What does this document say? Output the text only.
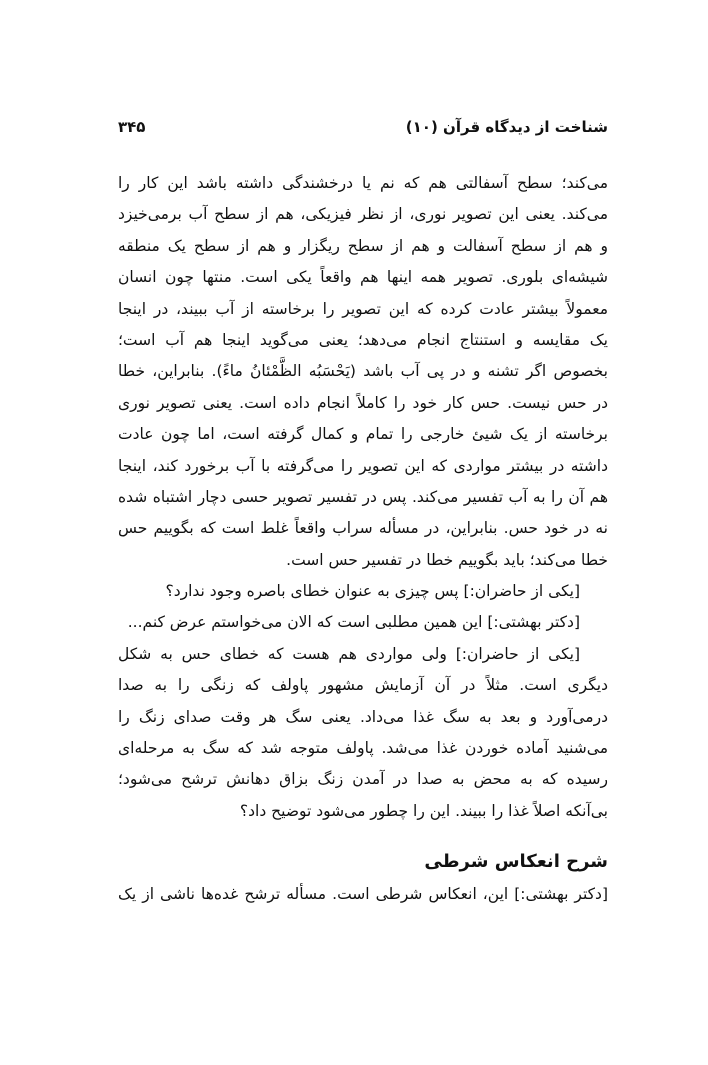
شناخت از دیدگاه قرآن (۱۰)
۳۴۵
می‌کند؛ سطح آسفالتی هم که نم یا درخشندگی داشته باشد این کار را
می‌کند. یعنی این تصویر نوری، از نظر فیزیکی، هم از سطح آب برمی‌خیزد
و هم از سطح آسفالت و هم از سطح ریگزار و هم از سطح یک منطقه
شیشه‌ای بلوری. تصویر همه اینها هم واقعاً یکی است. منتها چون انسان
معمولاً بیشتر عادت کرده که این تصویر را برخاسته از آب ببیند، در اینجا
یک مقایسه و استنتاج انجام می‌دهد؛ یعنی می‌گوید اینجا هم آب است؛
بخصوص اگر تشنه و در پی آب باشد (یَحْسَبُه الظَّمْئانُ ماءً). بنابراین، خطا
در حس نیست. حس کار خود را کاملاً انجام داده است. یعنی تصویر نوری
برخاسته از یک شیئ خارجی را تمام و کمال گرفته است، اما چون عادت
داشته در بیشتر مواردی که این تصویر را می‌گرفته با آب برخورد کند، اینجا
هم آن را به آب تفسیر می‌کند. پس در تفسیر تصویر حسی دچار اشتباه شده
نه در خود حس. بنابراین، در مسأله سراب واقعاً غلط است که بگوییم حس
خطا می‌کند؛ باید بگوییم خطا در تفسیر حس است.
[یکی از حاضران:] پس چیزی به عنوان خطای باصره وجود ندارد؟
[دکتر بهشتی:] این همین مطلبی است که الان می‌خواستم عرض کنم...
[یکی از حاضران:] ولی مواردی هم هست که خطای حس به شکل
دیگری است. مثلاً در آن آزمایش مشهور پاولف که زنگی را به صدا
درمی‌آورد و بعد به سگ غذا می‌داد. یعنی سگ هر وقت صدای زنگ را
می‌شنید آماده خوردن غذا می‌شد. پاولف متوجه شد که سگ به مرحله‌ای
رسیده که به محض به صدا در آمدن زنگ بزاق دهانش ترشح می‌شود؛
بی‌آنکه اصلاً غذا را ببیند. این را چطور می‌شود توضیح داد؟
شرح انعکاس شرطی
[دکتر بهشتی:] این، انعکاس شرطی است. مسأله ترشح غده‌ها ناشی از یک
